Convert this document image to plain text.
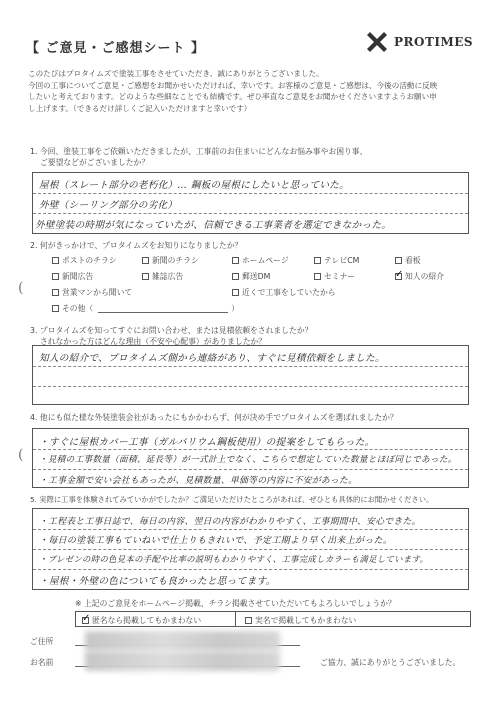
【 ご意見・ご感想シート 】	PROTIMES

このたびはプロタイムズで塗装工事をさせていただき、誠にありがとうございました。

今回の工事についてご意見・ご感想をお聞かせいただければ、幸いです。お客様のご意見・ご感想は、今後の活動に反映

したいと考えております。どのような些細なことでも結構です。ぜひ率直なご意見をお聞かせくださいますようお願い申

し上げます。（できるだけ詳しくご記入いただけますと幸いです）

1. 今回、塗装工事をご依頼いただきましたが、工事前のお住まいにどんなお悩み事やお困り事、

ご要望などがございましたか？

屋根（スレート部分の老朽化）… 鋼板の屋根にしたいと思っていた。
外壁（シーリング部分の劣化）
外壁塗装の時期が気になっていたが、信頼できる工事業者を選定できなかった。

2. 何がきっかけで、プロタイムズをお知りになりましたか？

(
ポストのチラシ	新聞のチラシ	ホームページ	テレビCM	看板
新聞広告	雑誌広告	郵送DM	セミナー
✓	知人の紹介
営業マンから聞いて	近くで工事をしていたから
その他（	）

3. プロタイムズを知ってすぐにお問い合わせ、または見積依頼をされましたか？

されなかった方はどんな理由（不安や心配事）がありましたか？

知人の紹介で、プロタイムズ側から連絡があり、すぐに見積依頼をしました。

4. 他にも似た様な外装塗装会社があったにもかかわらず、何が決め手でプロタイムズを選ばれましたか？

・すぐに屋根カバー工事（ガルバリウム鋼板使用）の提案をしてもらった。
・見積の工事数量（面積、延長等）が一式計上でなく、こちらで想定していた数量とほぼ同じであった。
・工事金額で安い会社もあったが、見積数量、単価等の内容に不安があった。
(

5. 実際に工事を体験されてみていかがでしたか？ご満足いただけたところがあれば、ぜひとも具体的にお聞かせください。

・工程表と工事日誌で、毎日の内容、翌日の内容がわかりやすく、工事期間中、安心できた。
・毎日の塗装工事もていねいで仕上りもきれいで、予定工期より早く出来上がった。
・プレゼンの時の色見本の手配や比率の説明もわかりやすく、工事完成しカラーも満足しています。
・屋根・外壁の色についても良かったと思ってます。
※ 上記のご意見をホームページ掲載、チラシ掲載させていただいてもよろしいでしょうか？
✓
匿名なら掲載してもかまわない	実名で掲載してもかまわない
ご住所
お名前	ご協力、誠にありがとうございました。
